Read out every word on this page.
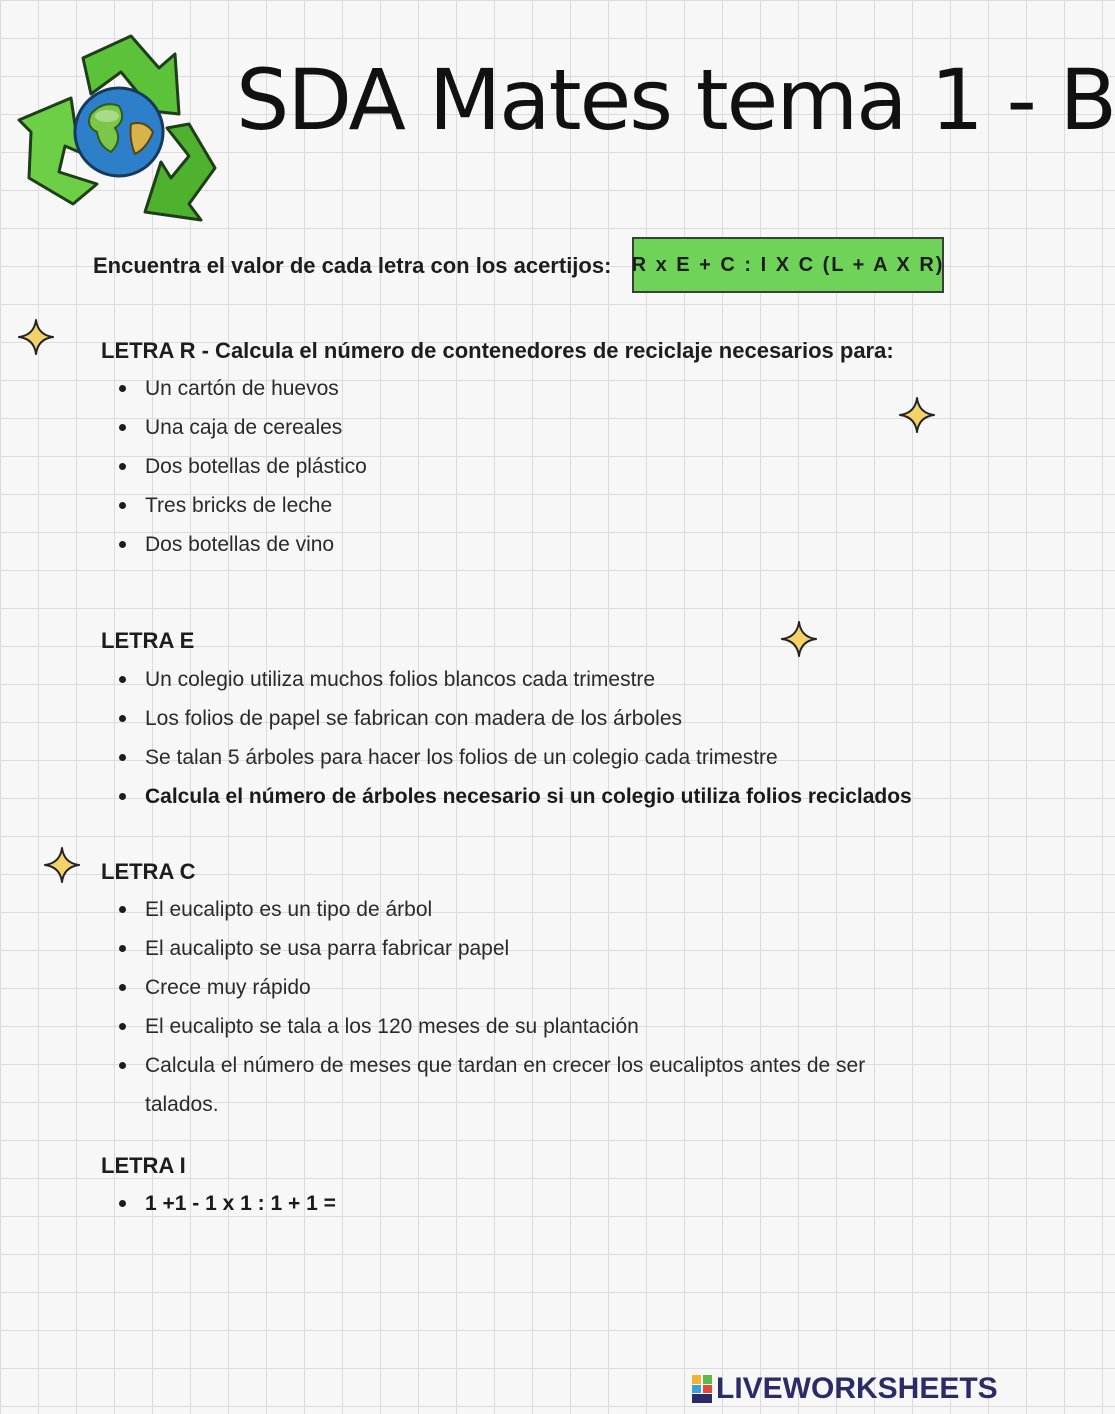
SDA Mates tema 1 - B
Encuentra el valor de cada letra con los acertijos: R x E + C : I X C (L + A X R)
LETRA R - Calcula el número de contenedores de reciclaje necesarios para:
Un cartón de huevos
Una caja de cereales
Dos botellas de plástico
Tres bricks de leche
Dos botellas de vino
LETRA E
Un colegio utiliza muchos folios blancos cada trimestre
Los folios de papel se fabrican con madera de los árboles
Se talan 5 árboles para hacer los folios de un colegio cada trimestre
Calcula el número de árboles necesario si un colegio utiliza folios reciclados
LETRA C
El eucalipto es un tipo de árbol
El aucalipto se usa parra fabricar papel
Crece muy rápido
El eucalipto se tala a los 120 meses de su plantación
Calcula el número de meses que tardan en crecer los eucaliptos antes de ser talados.
LETRA I
1 +1 - 1 x 1 : 1 + 1 =
LIVEWORKSHEETS
